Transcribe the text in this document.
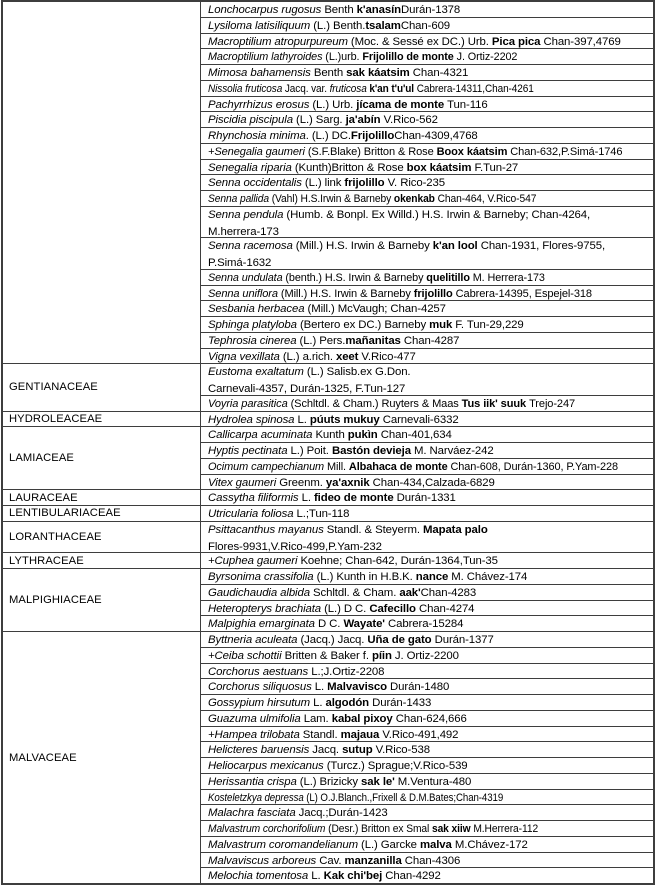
Lonchocarpus rugosus Benth k'anasínDurán-1378
Lysiloma latisiliquum (L.) Benth.tsalamChan-609
Macroptilium atropurpureum (Moc. & Sessé ex DC.) Urb. Pica pica Chan-397,4769
Macroptilium lathyroides (L.)urb. Frijolillo de monte J. Ortiz-2202
Mimosa bahamensis Benth sak káatsim Chan-4321
Nissolia fruticosa Jacq. var. fruticosa k'an t'u'ul Cabrera-14311,Chan-4261
Pachyrrhizus erosus (L.) Urb. jícama de monte Tun-116
Piscidia piscipula (L.) Sarg. ja'abín V.Rico-562
Rhynchosia minima. (L.) DC.FrijolilloChan-4309,4768
+Senegalia gaumeri (S.F.Blake) Britton & Rose Boox káatsim Chan-632,P.Simá-1746
Senegalia riparia (Kunth)Britton & Rose box káatsim F.Tun-27
Senna occidentalis (L.) link frijolillo V. Rico-235
Senna pallida (Vahl) H.S.Irwin & Barneby okenkab Chan-464, V.Rico-547
Senna pendula (Humb. & Bonpl. Ex Willd.) H.S. Irwin & Barneby; Chan-4264,
M.herrera-173
Senna racemosa (Mill.) H.S. Irwin & Barneby k'an lool Chan-1931, Flores-9755,
P.Simá-1632
Senna undulata (benth.) H.S. Irwin & Barneby quelitillo M. Herrera-173
Senna uniflora (Mill.) H.S. Irwin & Barneby frijolillo Cabrera-14395, Espejel-318
Sesbania herbacea (Mill.) McVaugh; Chan-4257
Sphinga platyloba (Bertero ex DC.) Barneby muk F. Tun-29,229
Tephrosia cinerea (L.) Pers.mañanitas Chan-4287
Vigna vexillata (L.) a.rich. xeet V.Rico-477
GENTIANACEAE
Eustoma exaltatum (L.) Salisb.ex G.Don.
Carnevali-4357, Durán-1325, F.Tun-127
Voyria parasitica (Schltdl. & Cham.) Ruyters & Maas Tus iik' suuk Trejo-247
HYDROLEACEAE	Hydrolea spinosa L. púuts mukuy Carnevali-6332
LAMIACEAE
Callicarpa acuminata Kunth pukìn Chan-401,634
Hyptis pectinata L.) Poit. Bastón devieja M. Narváez-242
Ocimum campechianum Mill. Albahaca de monte Chan-608, Durán-1360, P.Yam-228
Vitex gaumeri Greenm. ya'axnik Chan-434,Calzada-6829
LAURACEAE	Cassytha filiformis L. fideo de monte Durán-1331
LENTIBULARIACEAE	Utricularia foliosa L.;Tun-118
LORANTHACEAE
Psittacanthus mayanus Standl. & Steyerm. Mapata palo
Flores-9931,V.Rico-499,P.Yam-232
LYTHRACEAE	+Cuphea gaumeri Koehne; Chan-642, Durán-1364,Tun-35
MALPIGHIACEAE
Byrsonima crassifolia (L.) Kunth in H.B.K. nance M. Chávez-174
Gaudichaudia albida Schltdl. & Cham. aak'Chan-4283
Heteropterys brachiata (L.) D C. Cafecillo Chan-4274
Malpighia emarginata D C. Wayate' Cabrera-15284
MALVACEAE
Byttneria aculeata (Jacq.) Jacq. Uña de gato Durán-1377
+Ceiba schottii Britten & Baker f. píin J. Ortiz-2200
Corchorus aestuans L.;J.Ortiz-2208
Corchorus siliquosus L. Malvavisco Durán-1480
Gossypium hirsutum L. algodón Durán-1433
Guazuma ulmifolia Lam. kabal pixoy Chan-624,666
+Hampea trilobata Standl. majaua V.Rico-491,492
Helicteres baruensis Jacq. sutup V.Rico-538
Heliocarpus mexicanus (Turcz.) Sprague;V.Rico-539
Herissantia crispa (L.) Brizicky sak le' M.Ventura-480
Kosteletzkya depressa (L) O.J.Blanch.,Frixell & D.M.Bates;Chan-4319
Malachra fasciata Jacq.;Durán-1423
Malvastrum corchorifolium (Desr.) Britton ex Smal sak xiiw M.Herrera-112
Malvastrum coromandelianum (L.) Garcke malva M.Chávez-172
Malvaviscus arboreus Cav. manzanilla Chan-4306
Melochia tomentosa L. Kak chi'bej Chan-4292
